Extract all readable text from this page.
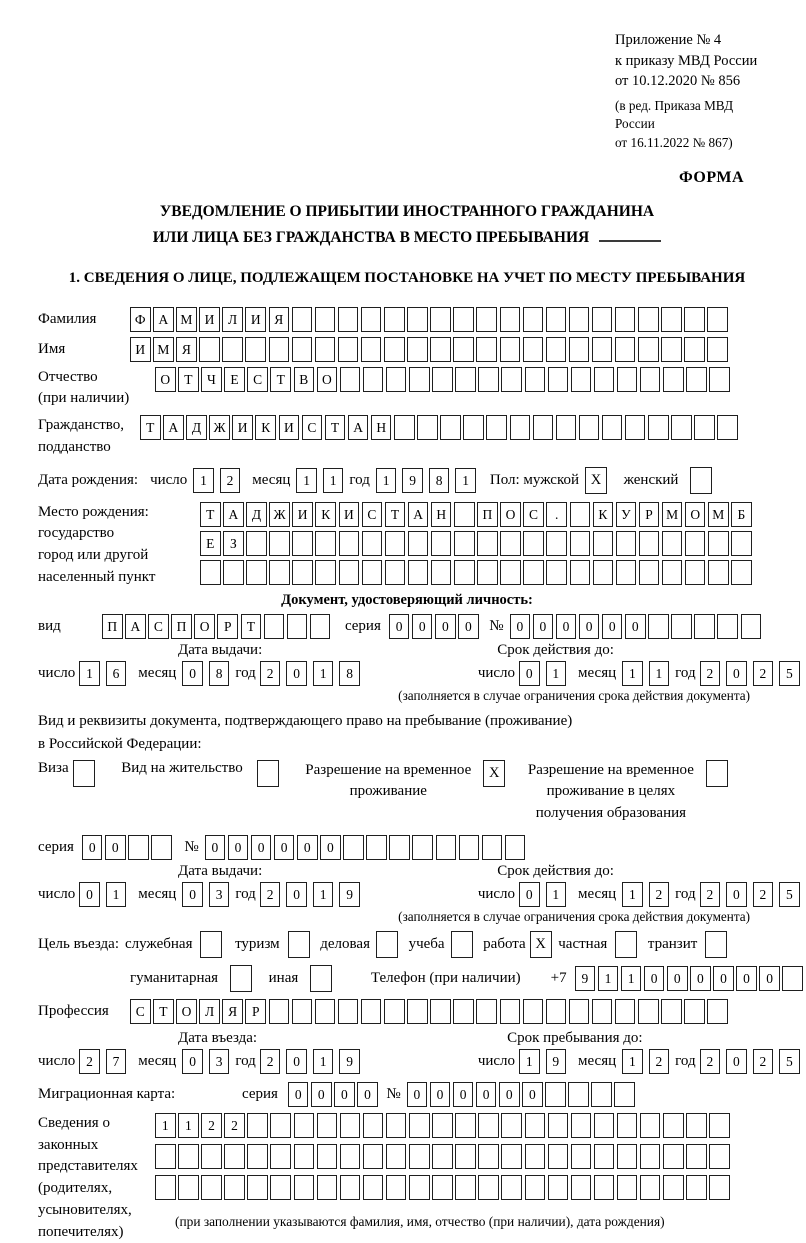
Приложение № 4
к приказу МВД России
от 10.12.2020 № 856
(в ред. Приказа МВД России
от 16.11.2022 № 867)
ФОРМА
УВЕДОМЛЕНИЕ О ПРИБЫТИИ ИНОСТРАННОГО ГРАЖДАНИНА
ИЛИ ЛИЦА БЕЗ ГРАЖДАНСТВА В МЕСТО ПРЕБЫВАНИЯ
1. СВЕДЕНИЯ О ЛИЦЕ, ПОДЛЕЖАЩЕМ ПОСТАНОВКЕ НА УЧЕТ ПО МЕСТУ ПРЕБЫВАНИЯ
Фамилия	Ф А М И	Л	И	Я
Имя	И М Я
Отчество
(при наличии)
О	Т	Ч	Е	С	Т	В	О
Гражданство,
подданство
Т	А	Д Ж И	К	И	С	Т	А Н
Дата рождения: число 1	2	месяц 1	1 год 1	9	8	1	Пол: мужской X	женский
Место рождения:
государство
город или другой
населенный пункт
Т	А	Д Ж И	К	И	С	Т	А Н	П О	С	.	К	У	Р М О М Б
Е	З
Документ, удостоверяющий личность:
вид	П А	С	П О	Р	Т	серия	0	0	0	0	№ 0	0	0	0	0	0
Дата выдачи:	Срок действия до:
число 1	6	месяц 0	8 год 2	0	1	8	число 0	1	месяц 1	1 год 2	0	2	5
(заполняется в случае ограничения срока действия документа)
Вид и реквизиты документа, подтверждающего право на пребывание (проживание)
в Российской Федерации:
Виза	Вид на жительство	Разрешение на временное
проживание
X	Разрешение на временное
проживание в целях
получения образования
серия	0	0	№ 0	0	0	0	0	0
Дата выдачи:	Срок действия до:
число 0	1	месяц 0	3 год 2	0	1	9	число 0	1	месяц 1	2 год 2	0	2	5
(заполняется в случае ограничения срока действия документа)
Цель въезда: служебная	туризм	деловая	учеба	работа X частная	транзит
гуманитарная	иная	Телефон (при наличии) +7	9	1	1	0	0	0	0	0	0
Профессия	С	Т	О	Л	Я	Р
Дата въезда:	Срок пребывания до:
число 2	7	месяц 0	3 год 2	0	1	9	число 1	9	месяц 1	2 год 2	0	2	5
Миграционная карта:	серия	0	0	0	0	№ 0	0	0	0	0	0
Сведения о
законных
представителях
(родителях,
усыновителях,
попечителях)
1	1	2	2
(при заполнении указываются фамилия, имя, отчество (при наличии), дата рождения)
